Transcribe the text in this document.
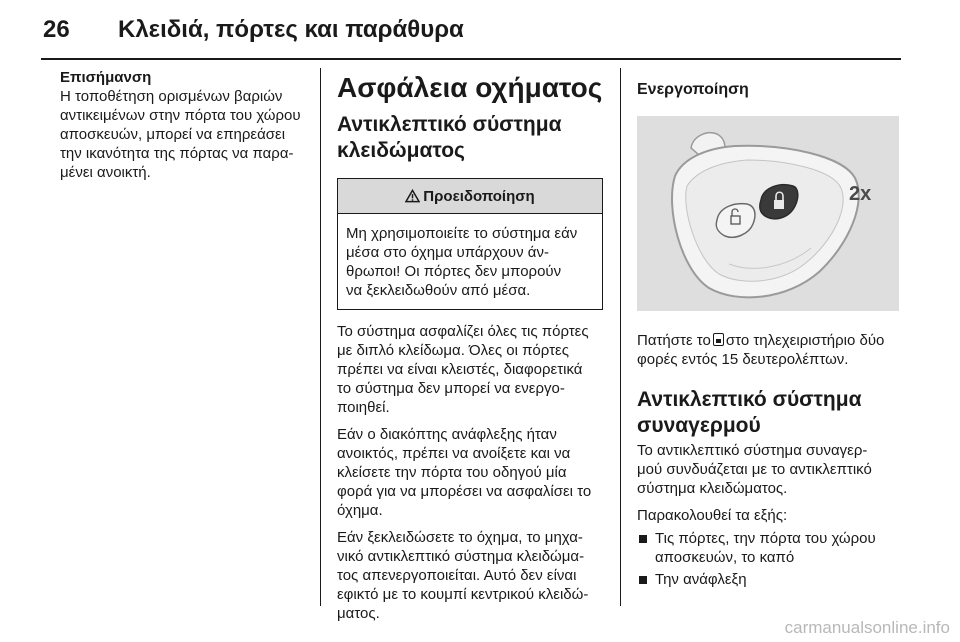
26 Κλειδιά, πόρτες και παράθυρα

Επισήμανση

Η τοποθέτηση ορισμένων βαριών

αντικειμένων στην πόρτα του χώρου

αποσκευών, μπορεί να επηρεάσει

την ικανότητα της πόρτας να παρα-

μένει ανοικτή.

Ασφάλεια οχήματος
Αντικλεπτικό σύστημα κλειδώματος
Προειδοποίηση

Μη χρησιμοποιείτε το σύστημα εάν

μέσα στο όχημα υπάρχουν άν-

θρωποι! Οι πόρτες δεν μπορούν

να ξεκλειδωθούν από μέσα.

Το σύστημα ασφαλίζει όλες τις πόρτες

με διπλό κλείδωμα. Όλες οι πόρτες

πρέπει να είναι κλειστές, διαφορετικά

το σύστημα δεν μπορεί να ενεργο-

ποιηθεί.

Εάν ο διακόπτης ανάφλεξης ήταν

ανοικτός, πρέπει να ανοίξετε και να

κλείσετε την πόρτα του οδηγού μία

φορά για να μπορέσει να ασφαλίσει το

όχημα.

Εάν ξεκλειδώσετε το όχημα, το μηχα-

νικό αντικλεπτικό σύστημα κλειδώμα-

τος απενεργοποιείται. Αυτό δεν είναι

εφικτό με το κουμπί κεντρικού κλειδώ-

ματος.

Ενεργοποίηση

2x

Πατήστε το στο τηλεχειριστήριο δύο

φορές εντός 15 δευτερολέπτων.

Αντικλεπτικό σύστημα συναγερμού

Το αντικλεπτικό σύστημα συναγερ-

μού συνδυάζεται με το αντικλεπτικό

σύστημα κλειδώματος.

Παρακολουθεί τα εξής:

Τις πόρτες, την πόρτα του χώρου
αποσκευών, το καπό
Την ανάφλεξη
carmanualsonline.info
